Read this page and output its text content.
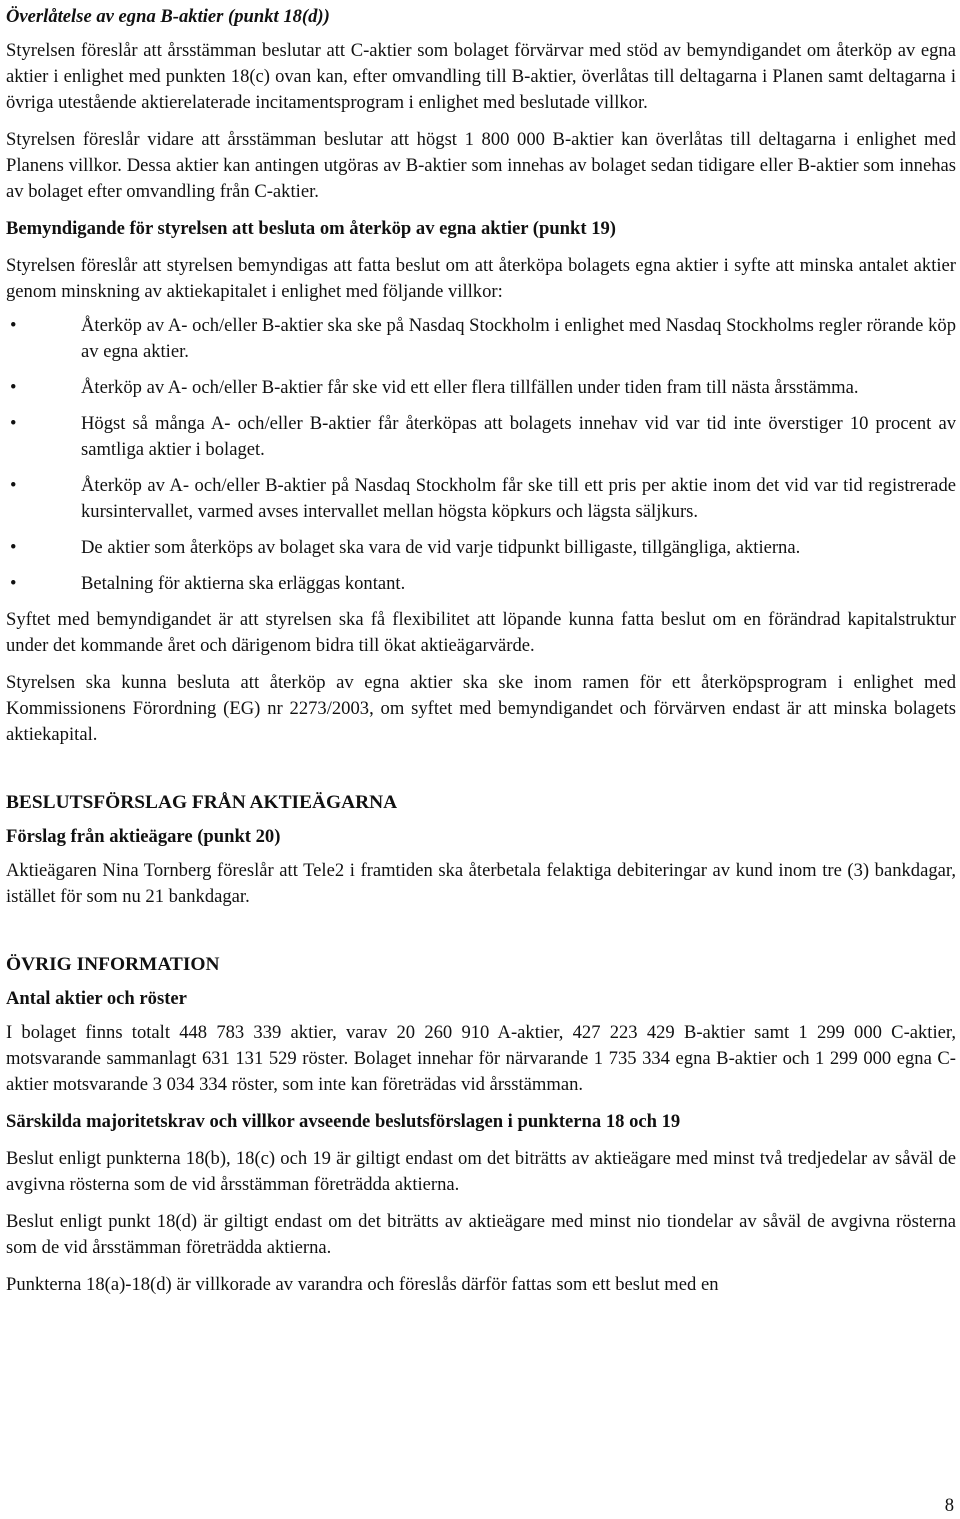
Överlåtelse av egna B-aktier (punkt 18(d))

Styrelsen föreslår att årsstämman beslutar att C-aktier som bolaget förvärvar med stöd av bemyndigandet om återköp av egna aktier i enlighet med punkten 18(c) ovan kan, efter omvandling till B-aktier, överlåtas till deltagarna i Planen samt deltagarna i övriga utestående aktierelaterade incitamentsprogram i enlighet med beslutade villkor.

Styrelsen föreslår vidare att årsstämman beslutar att högst 1 800 000 B-aktier kan överlåtas till deltagarna i enlighet med Planens villkor. Dessa aktier kan antingen utgöras av B-aktier som innehas av bolaget sedan tidigare eller B-aktier som innehas av bolaget efter omvandling från C-aktier.

Bemyndigande för styrelsen att besluta om återköp av egna aktier (punkt 19)

Styrelsen föreslår att styrelsen bemyndigas att fatta beslut om att återköpa bolagets egna aktier i syfte att minska antalet aktier genom minskning av aktiekapitalet i enlighet med följande villkor:

•	Återköp av A- och/eller B-aktier ska ske på Nasdaq Stockholm i enlighet med Nasdaq Stockholms regler rörande köp av egna aktier.
•	Återköp av A- och/eller B-aktier får ske vid ett eller flera tillfällen under tiden fram till nästa årsstämma.
•	Högst så många A- och/eller B-aktier får återköpas att bolagets innehav vid var tid inte överstiger 10 procent av samtliga aktier i bolaget.
•	Återköp av A- och/eller B-aktier på Nasdaq Stockholm får ske till ett pris per aktie inom det vid var tid registrerade kursintervallet, varmed avses intervallet mellan högsta köpkurs och lägsta säljkurs.
•	De aktier som återköps av bolaget ska vara de vid varje tidpunkt billigaste, tillgängliga, aktierna.
•	Betalning för aktierna ska erläggas kontant.

Syftet med bemyndigandet är att styrelsen ska få flexibilitet att löpande kunna fatta beslut om en förändrad kapitalstruktur under det kommande året och därigenom bidra till ökat aktieägarvärde.

Styrelsen ska kunna besluta att återköp av egna aktier ska ske inom ramen för ett återköpsprogram i enlighet med Kommissionens Förordning (EG) nr 2273/2003, om syftet med bemyndigandet och förvärven endast är att minska bolagets aktiekapital.

BESLUTSFÖRSLAG FRÅN AKTIEÄGARNA
Förslag från aktieägare (punkt 20)

Aktieägaren Nina Tornberg föreslår att Tele2 i framtiden ska återbetala felaktiga debiteringar av kund inom tre (3) bankdagar, istället för som nu 21 bankdagar.

ÖVRIG INFORMATION
Antal aktier och röster

I bolaget finns totalt 448 783 339 aktier, varav 20 260 910 A-aktier, 427 223 429 B-aktier samt 1 299 000 C-aktier, motsvarande sammanlagt 631 131 529 röster. Bolaget innehar för närvarande 1 735 334 egna B-aktier och 1 299 000 egna C-aktier motsvarande 3 034 334 röster, som inte kan företrädas vid årsstämman.

Särskilda majoritetskrav och villkor avseende beslutsförslagen i punkterna 18 och 19

Beslut enligt punkterna 18(b), 18(c) och 19 är giltigt endast om det biträtts av aktieägare med minst två tredjedelar av såväl de avgivna rösterna som de vid årsstämman företrädda aktierna.

Beslut enligt punkt 18(d) är giltigt endast om det biträtts av aktieägare med minst nio tiondelar av såväl de avgivna rösterna som de vid årsstämman företrädda aktierna.

Punkterna 18(a)-18(d) är villkorade av varandra och föreslås därför fattas som ett beslut med en

8
